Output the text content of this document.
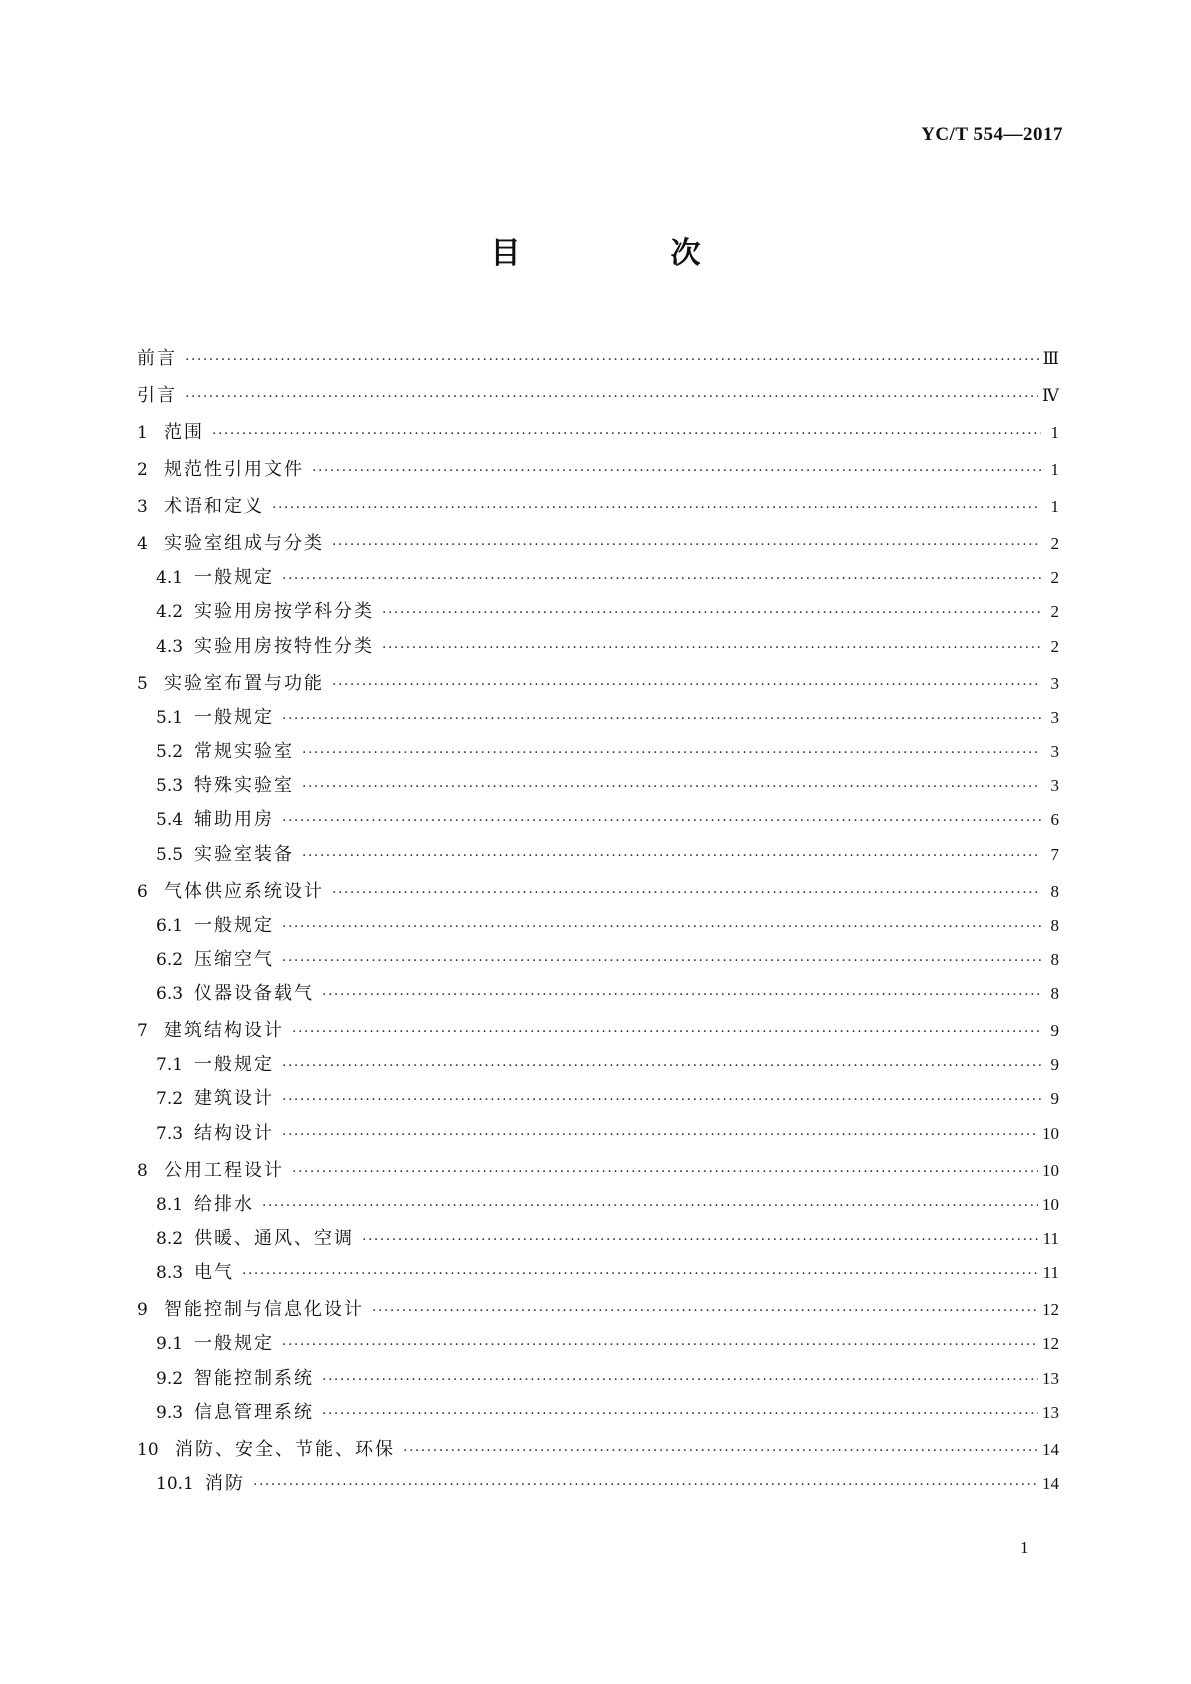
YC/T 554—2017
目　次
前言 ·····	Ⅲ
引言 ·····	Ⅳ
1 范围 ·····	1
2 规范性引用文件 ·····	1
3 术语和定义 ·····	1
4 实验室组成与分类 ·····	2
4.1 一般规定 ·····	2
4.2 实验用房按学科分类 ·····	2
4.3 实验用房按特性分类 ·····	2
5 实验室布置与功能 ·····	3
5.1 一般规定 ·····	3
5.2 常规实验室 ·····	3
5.3 特殊实验室 ·····	3
5.4 辅助用房 ·····	6
5.5 实验室装备 ·····	7
6 气体供应系统设计 ·····	8
6.1 一般规定 ·····	8
6.2 压缩空气 ·····	8
6.3 仪器设备载气 ·····	8
7 建筑结构设计 ·····	9
7.1 一般规定 ·····	9
7.2 建筑设计 ·····	9
7.3 结构设计 ·····	10
8 公用工程设计 ·····	10
8.1 给排水 ·····	10
8.2 供暖、通风、空调 ·····	11
8.3 电气 ·····	11
9 智能控制与信息化设计 ·····	12
9.1 一般规定 ·····	12
9.2 智能控制系统 ·····	13
9.3 信息管理系统 ·····	13
10 消防、安全、节能、环保 ·····	14
10.1 消防 ·····	14
1
